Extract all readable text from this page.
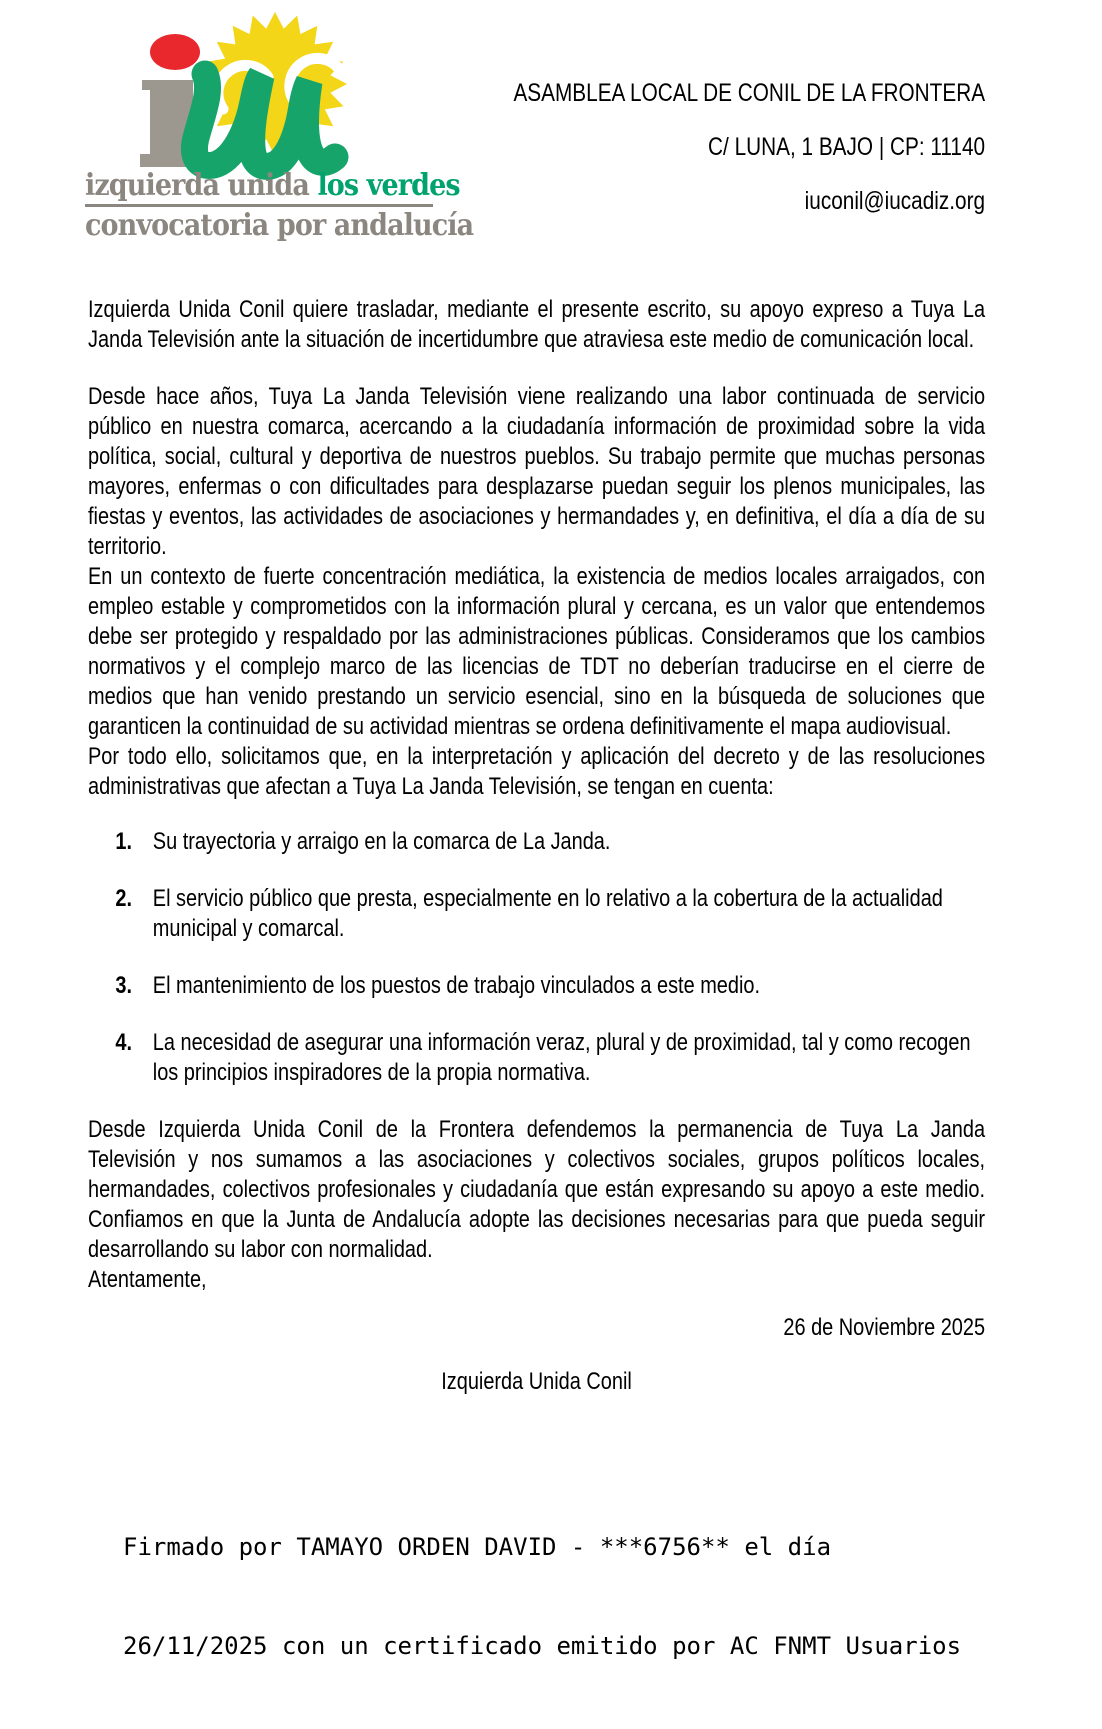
izquierda unida los verdes
convocatoria por andalucía

ASAMBLEA LOCAL DE CONIL DE LA FRONTERA

C/ LUNA, 1 BAJO | CP: 11140

iuconil@iucadiz.org

Izquierda Unida Conil quiere trasladar, mediante el presente escrito, su apoyo expreso a Tuya La Janda Televisión ante la situación de incertidumbre que atraviesa este medio de comunicación local.

Desde hace años, Tuya La Janda Televisión viene realizando una labor continuada de servicio público en nuestra comarca, acercando a la ciudadanía información de proximidad sobre la vida política, social, cultural y deportiva de nuestros pueblos. Su trabajo permite que muchas personas mayores, enfermas o con dificultades para desplazarse puedan seguir los plenos municipales, las fiestas y eventos, las actividades de asociaciones y hermandades y, en definitiva, el día a día de su territorio.

En un contexto de fuerte concentración mediática, la existencia de medios locales arraigados, con empleo estable y comprometidos con la información plural y cercana, es un valor que entendemos debe ser protegido y respaldado por las administraciones públicas. Consideramos que los cambios normativos y el complejo marco de las licencias de TDT no deberían traducirse en el cierre de medios que han venido prestando un servicio esencial, sino en la búsqueda de soluciones que garanticen la continuidad de su actividad mientras se ordena definitivamente el mapa audiovisual.

Por todo ello, solicitamos que, en la interpretación y aplicación del decreto y de las resoluciones administrativas que afectan a Tuya La Janda Televisión, se tengan en cuenta:

1. Su trayectoria y arraigo en la comarca de La Janda.
2. El servicio público que presta, especialmente en lo relativo a la cobertura de la actualidad municipal y comarcal.
3. El mantenimiento de los puestos de trabajo vinculados a este medio.
4. La necesidad de asegurar una información veraz, plural y de proximidad, tal y como recogen los principios inspiradores de la propia normativa.

Desde Izquierda Unida Conil de la Frontera defendemos la permanencia de Tuya La Janda Televisión y nos sumamos a las asociaciones y colectivos sociales, grupos políticos locales, hermandades, colectivos profesionales y ciudadanía que están expresando su apoyo a este medio. Confiamos en que la Junta de Andalucía adopte las decisiones necesarias para que pueda seguir desarrollando su labor con normalidad.

Atentamente,

26 de Noviembre 2025

Izquierda Unida Conil

Firmado por TAMAYO ORDEN DAVID - ***6756** el día

26/11/2025 con un certificado emitido por AC FNMT Usuarios
